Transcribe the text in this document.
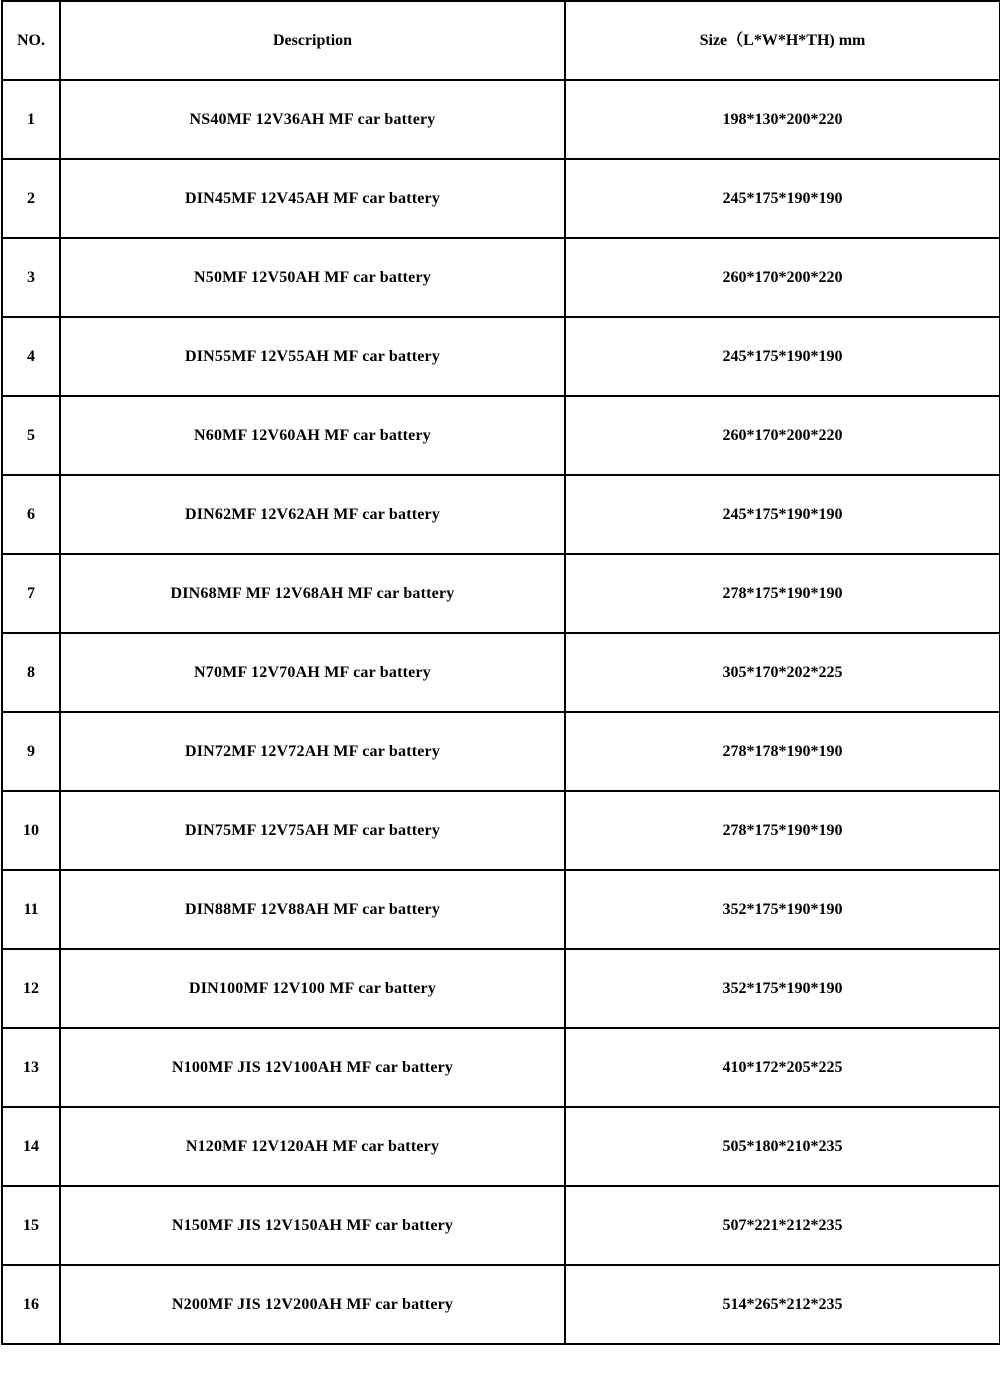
NO.	Description	Size（L*W*H*TH) mm
1	NS40MF 12V36AH MF car battery	198*130*200*220
2	DIN45MF 12V45AH MF car battery	245*175*190*190
3	N50MF 12V50AH MF car battery	260*170*200*220
4	DIN55MF 12V55AH MF car battery	245*175*190*190
5	N60MF 12V60AH MF car battery	260*170*200*220
6	DIN62MF 12V62AH MF car battery	245*175*190*190
7	DIN68MF MF 12V68AH MF car battery	278*175*190*190
8	N70MF 12V70AH MF car battery	305*170*202*225
9	DIN72MF 12V72AH MF car battery	278*178*190*190
10	DIN75MF 12V75AH MF car battery	278*175*190*190
11	DIN88MF 12V88AH MF car battery	352*175*190*190
12	DIN100MF 12V100 MF car battery	352*175*190*190
13	N100MF JIS 12V100AH MF car battery	410*172*205*225
14	N120MF 12V120AH MF car battery	505*180*210*235
15	N150MF JIS 12V150AH MF car battery	507*221*212*235
16	N200MF JIS 12V200AH MF car battery	514*265*212*235
